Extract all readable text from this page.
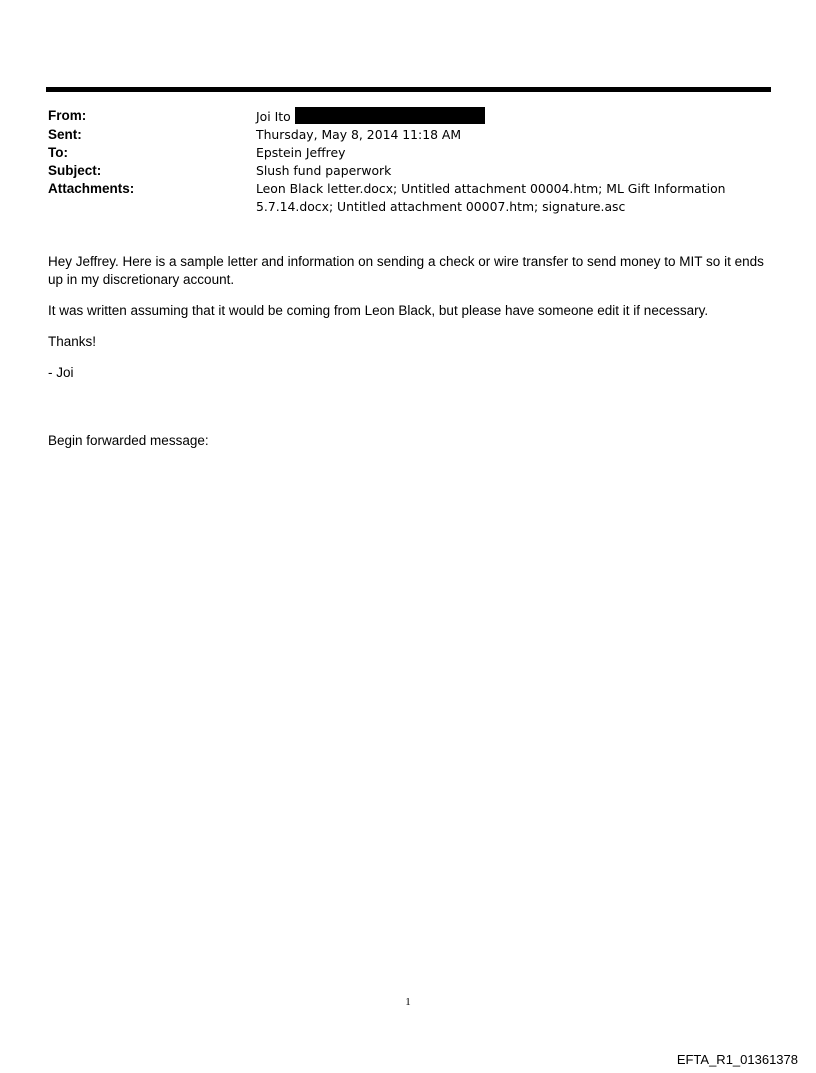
From:	Joi Ito
Sent:	Thursday, May 8, 2014 11:18 AM
To:	Epstein Jeffrey
Subject:	Slush fund paperwork
Attachments:	Leon Black letter.docx; Untitled attachment 00004.htm; ML Gift Information
5.7.14.docx; Untitled attachment 00007.htm; signature.asc

Hey Jeffrey. Here is a sample letter and information on sending a check or wire transfer to send money to MIT so it ends up in my discretionary account.

It was written assuming that it would be coming from Leon Black, but please have someone edit it if necessary.

Thanks!

- Joi

Begin forwarded message:
1
EFTA_R1_01361378
